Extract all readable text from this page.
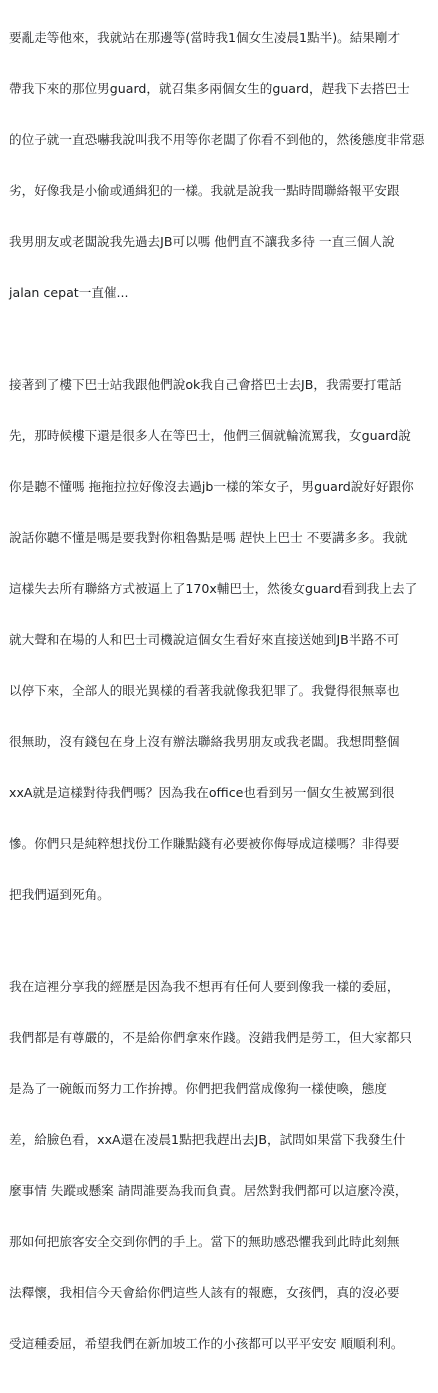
要亂走等他來，我就站在那邊等(當時我1個女生凌晨1點半)。結果剛才

帶我下來的那位男guard，就召集多兩個女生的guard，趕我下去搭巴士

的位子就一直恐嚇我說叫我不用等你老闆了你看不到他的，然後態度非常惡

劣，好像我是小偷或通緝犯的一樣。我就是說我一點時間聯絡報平安跟

我男朋友或老闆說我先過去JB可以嗎 他們直不讓我多待 一直三個人說

jalan cepat一直催...

接著到了樓下巴士站我跟他們說ok我自己會搭巴士去JB，我需要打電話

先，那時候樓下還是很多人在等巴士，他們三個就輪流罵我，女guard說

你是聽不懂嗎 拖拖拉拉好像沒去過jb一樣的笨女子，男guard說好好跟你

說話你聽不懂是嗎是要我對你粗魯點是嗎 趕快上巴士 不要講多多。我就

這樣失去所有聯絡方式被逼上了170x輔巴士，然後女guard看到我上去了

就大聲和在場的人和巴士司機說這個女生看好來直接送她到JB半路不可

以停下來，全部人的眼光異樣的看著我就像我犯罪了。我覺得很無辜也

很無助，沒有錢包在身上沒有辦法聯絡我男朋友或我老闆。我想問整個

xxA就是這樣對待我們嗎？因為我在office也看到另一個女生被罵到很

慘。你們只是純粹想找份工作賺點錢有必要被你侮辱成這樣嗎？非得要

把我們逼到死角。

我在這裡分享我的經歷是因為我不想再有任何人要到像我一樣的委屈，

我們都是有尊嚴的，不是給你們拿來作踐。沒錯我們是勞工，但大家都只

是為了一碗飯而努力工作拚搏。你們把我們當成像狗一樣使喚，態度

差，給臉色看，xxA還在凌晨1點把我趕出去JB，試問如果當下我發生什

麼事情 失蹤或懸案 請問誰要為我而負責。居然對我們都可以這麼冷漠，

那如何把旅客安全交到你們的手上。當下的無助感恐懼我到此時此刻無

法釋懷，我相信今天會給你們這些人該有的報應，女孩們，真的沒必要

受這種委屈，希望我們在新加坡工作的小孩都可以平平安安 順順利利。
